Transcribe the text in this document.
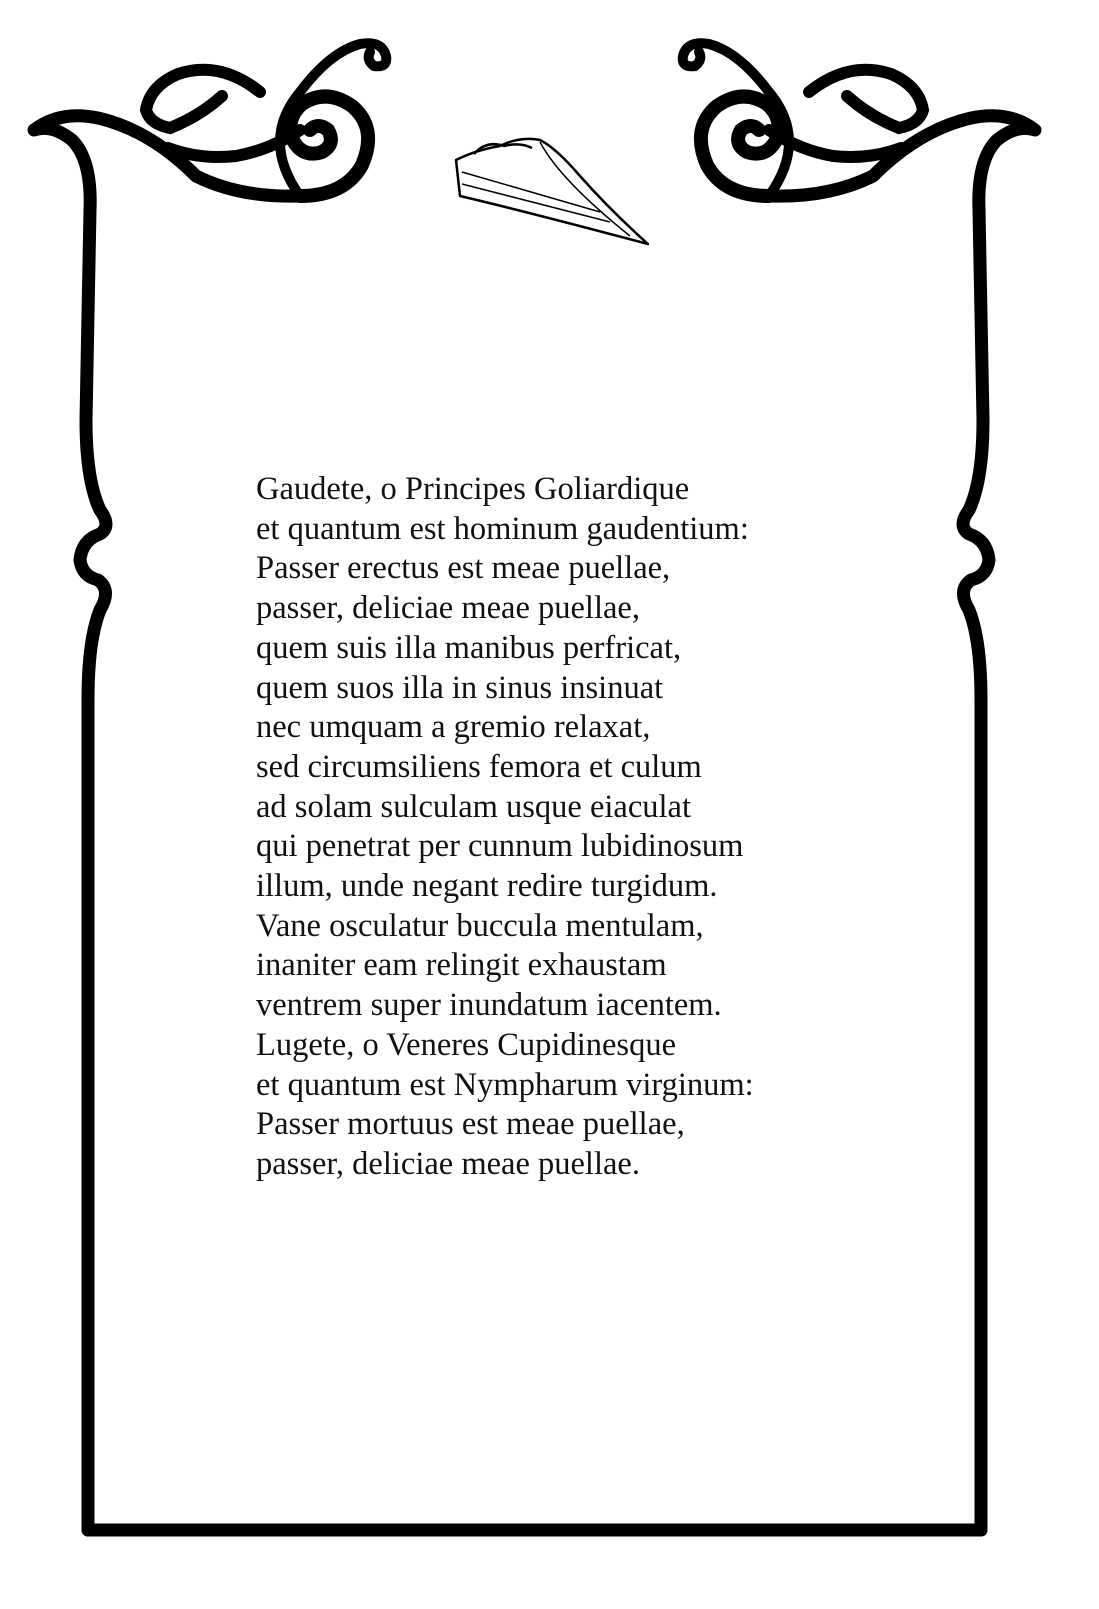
Gaudete, o Principes Goliardique
et quantum est hominum gaudentium:
Passer erectus est meae puellae,
passer, deliciae meae puellae,
quem suis illa manibus perfricat,
quem suos illa in sinus insinuat
nec umquam a gremio relaxat,
sed circumsiliens femora et culum
ad solam sulculam usque eiaculat
qui penetrat per cunnum lubidinosum
illum, unde negant redire turgidum.
Vane osculatur buccula mentulam,
inaniter eam relingit exhaustam
ventrem super inundatum iacentem.
Lugete, o Veneres Cupidinesque
et quantum est Nympharum virginum:
Passer mortuus est meae puellae,
passer, deliciae meae puellae.
